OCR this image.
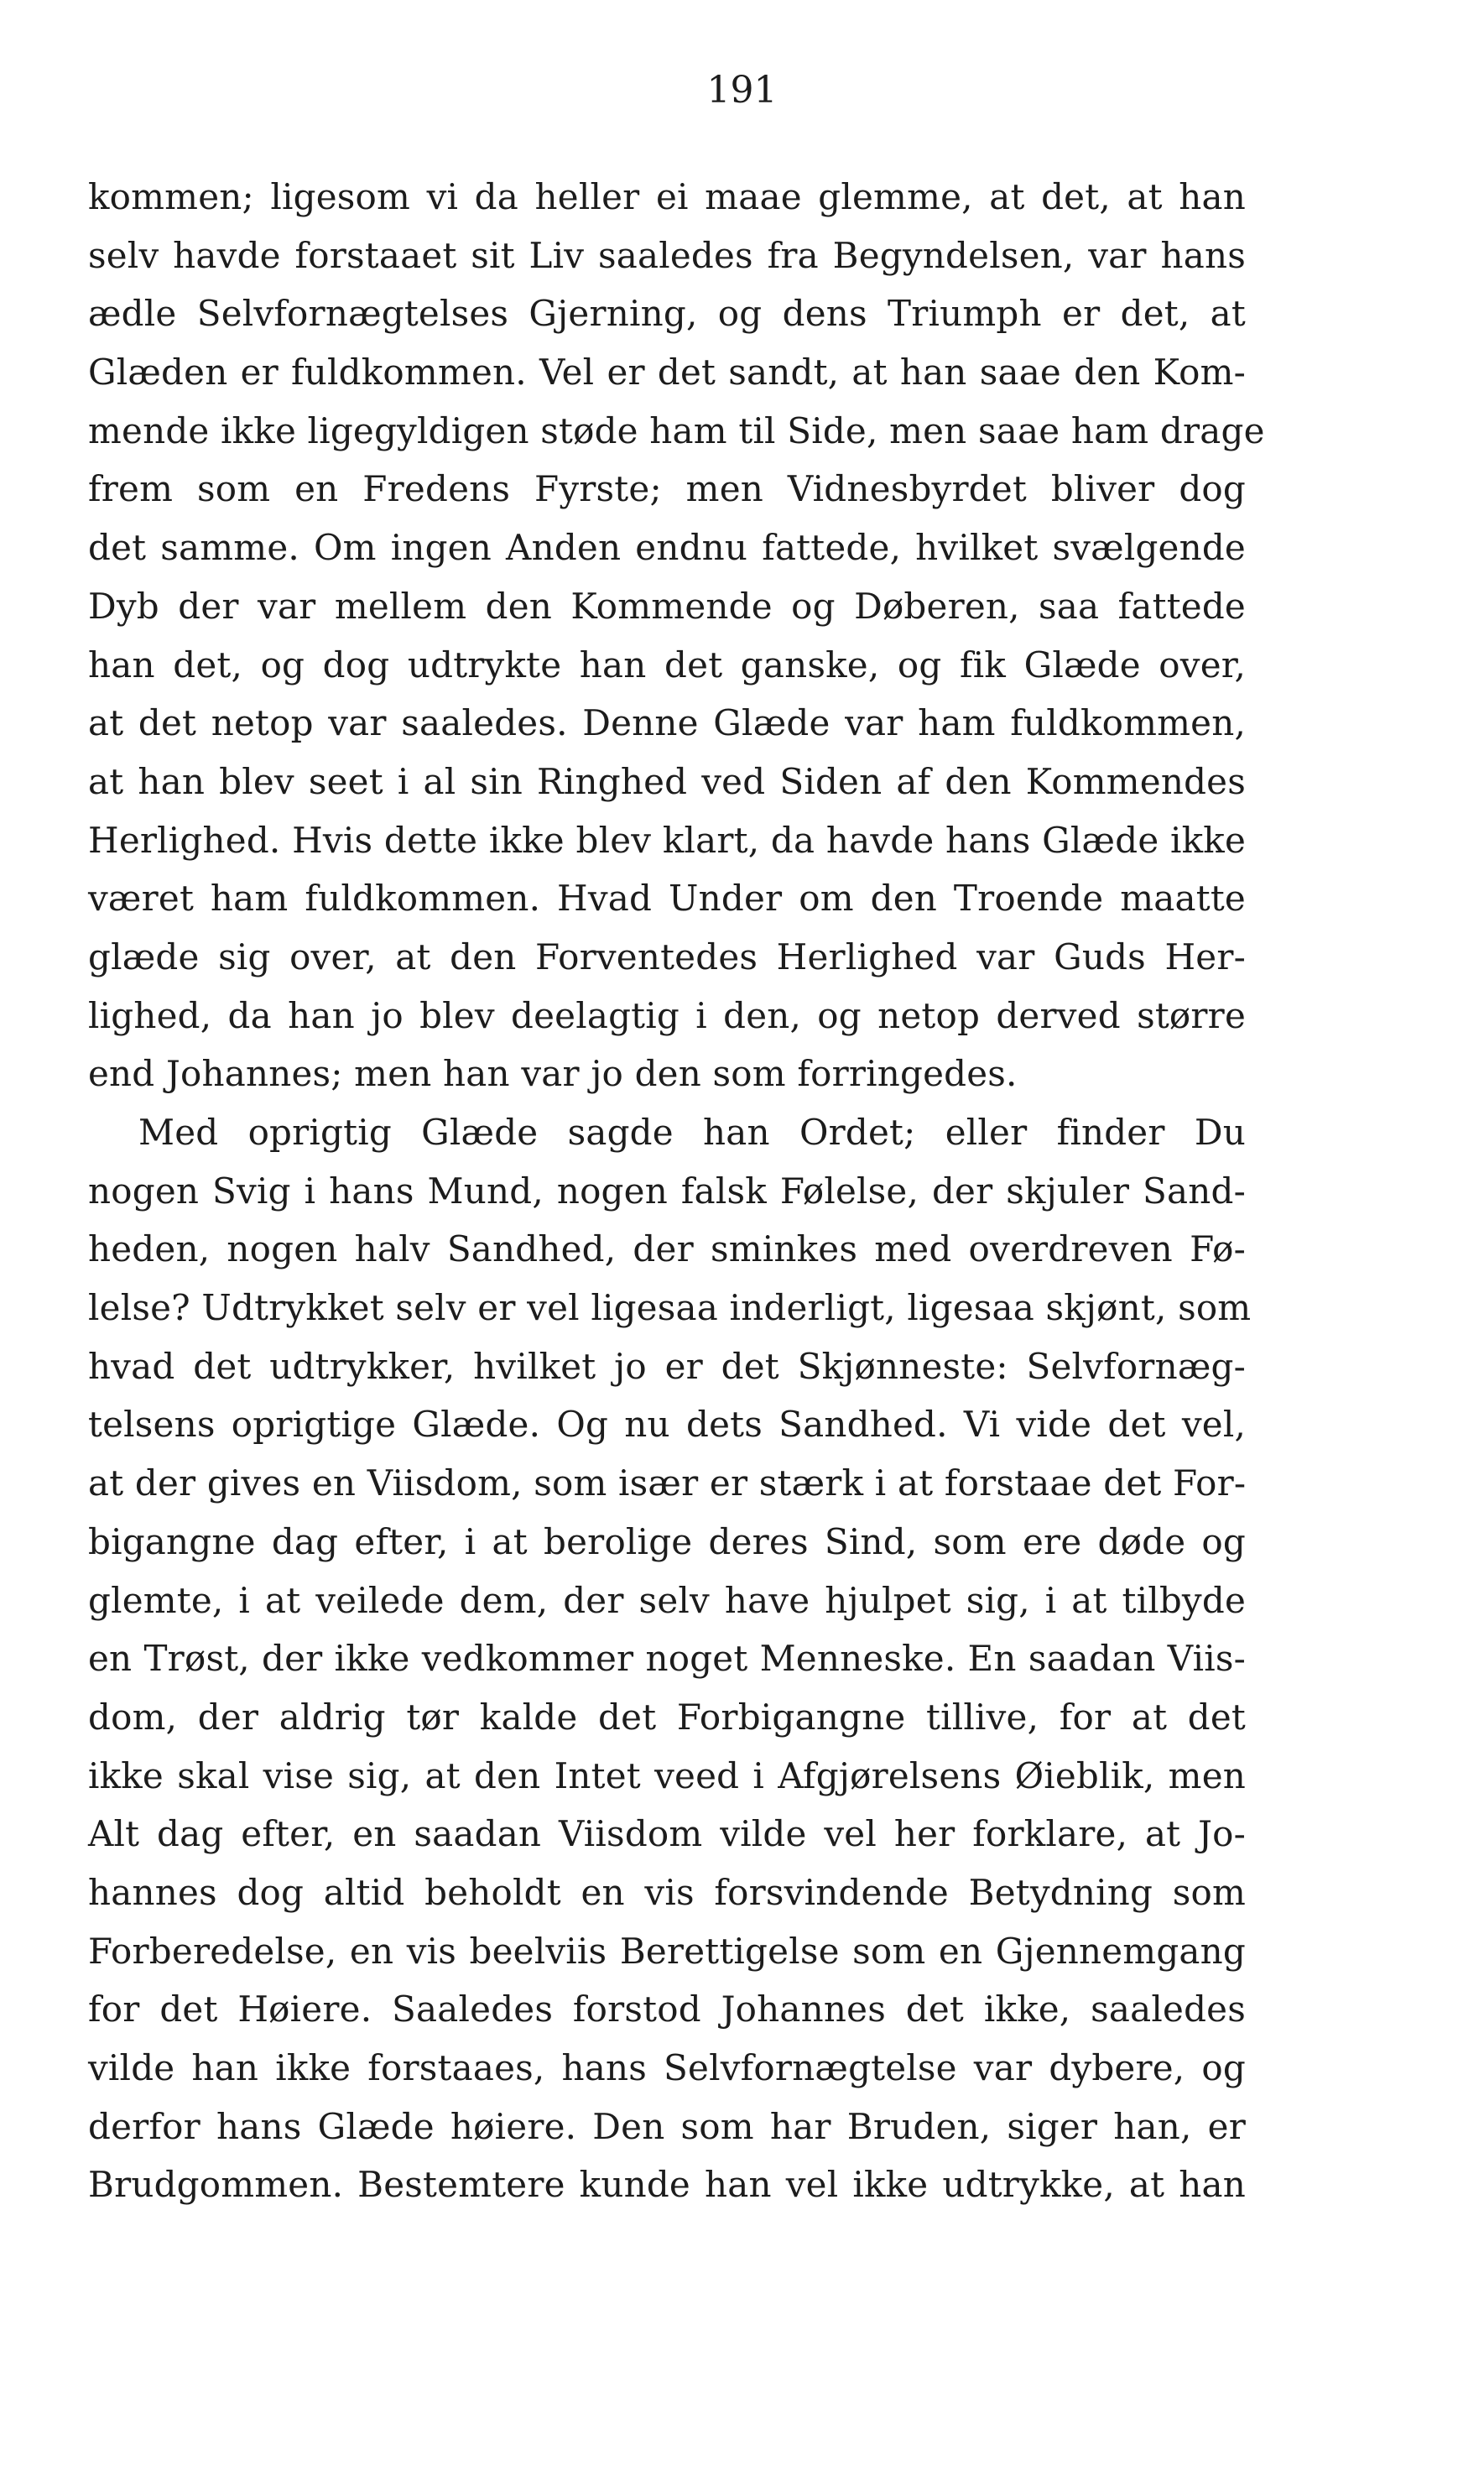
191
kommen; ligesom vi da heller ei maae glemme, at det, at han
selv havde forstaaet sit Liv saaledes fra Begyndelsen, var hans
ædle Selvfornægtelses Gjerning, og dens Triumph er det, at
Glæden er fuldkommen. Vel er det sandt, at han saae den Kom-
mende ikke ligegyldigen støde ham til Side, men saae ham drage
frem som en Fredens Fyrste; men Vidnesbyrdet bliver dog
det samme. Om ingen Anden endnu fattede, hvilket svælgende
Dyb der var mellem den Kommende og Døberen, saa fattede
han det, og dog udtrykte han det ganske, og fik Glæde over,
at det netop var saaledes. Denne Glæde var ham fuldkommen,
at han blev seet i al sin Ringhed ved Siden af den Kommendes
Herlighed. Hvis dette ikke blev klart, da havde hans Glæde ikke
været ham fuldkommen. Hvad Under om den Troende maatte
glæde sig over, at den Forventedes Herlighed var Guds Her-
lighed, da han jo blev deelagtig i den, og netop derved større
end Johannes; men han var jo den som forringedes.
Med oprigtig Glæde sagde han Ordet; eller finder Du
nogen Svig i hans Mund, nogen falsk Følelse, der skjuler Sand-
heden, nogen halv Sandhed, der sminkes med overdreven Fø-
lelse? Udtrykket selv er vel ligesaa inderligt, ligesaa skjønt, som
hvad det udtrykker, hvilket jo er det Skjønneste: Selvfornæg-
telsens oprigtige Glæde. Og nu dets Sandhed. Vi vide det vel,
at der gives en Viisdom, som især er stærk i at forstaae det For-
bigangne dag efter, i at berolige deres Sind, som ere døde og
glemte, i at veilede dem, der selv have hjulpet sig, i at tilbyde
en Trøst, der ikke vedkommer noget Menneske. En saadan Viis-
dom, der aldrig tør kalde det Forbigangne tillive, for at det
ikke skal vise sig, at den Intet veed i Afgjørelsens Øieblik, men
Alt dag efter, en saadan Viisdom vilde vel her forklare, at Jo-
hannes dog altid beholdt en vis forsvindende Betydning som
Forberedelse, en vis beelviis Berettigelse som en Gjennemgang
for det Høiere. Saaledes forstod Johannes det ikke, saaledes
vilde han ikke forstaaes, hans Selvfornægtelse var dybere, og
derfor hans Glæde høiere. Den som har Bruden, siger han, er
Brudgommen. Bestemtere kunde han vel ikke udtrykke, at han
